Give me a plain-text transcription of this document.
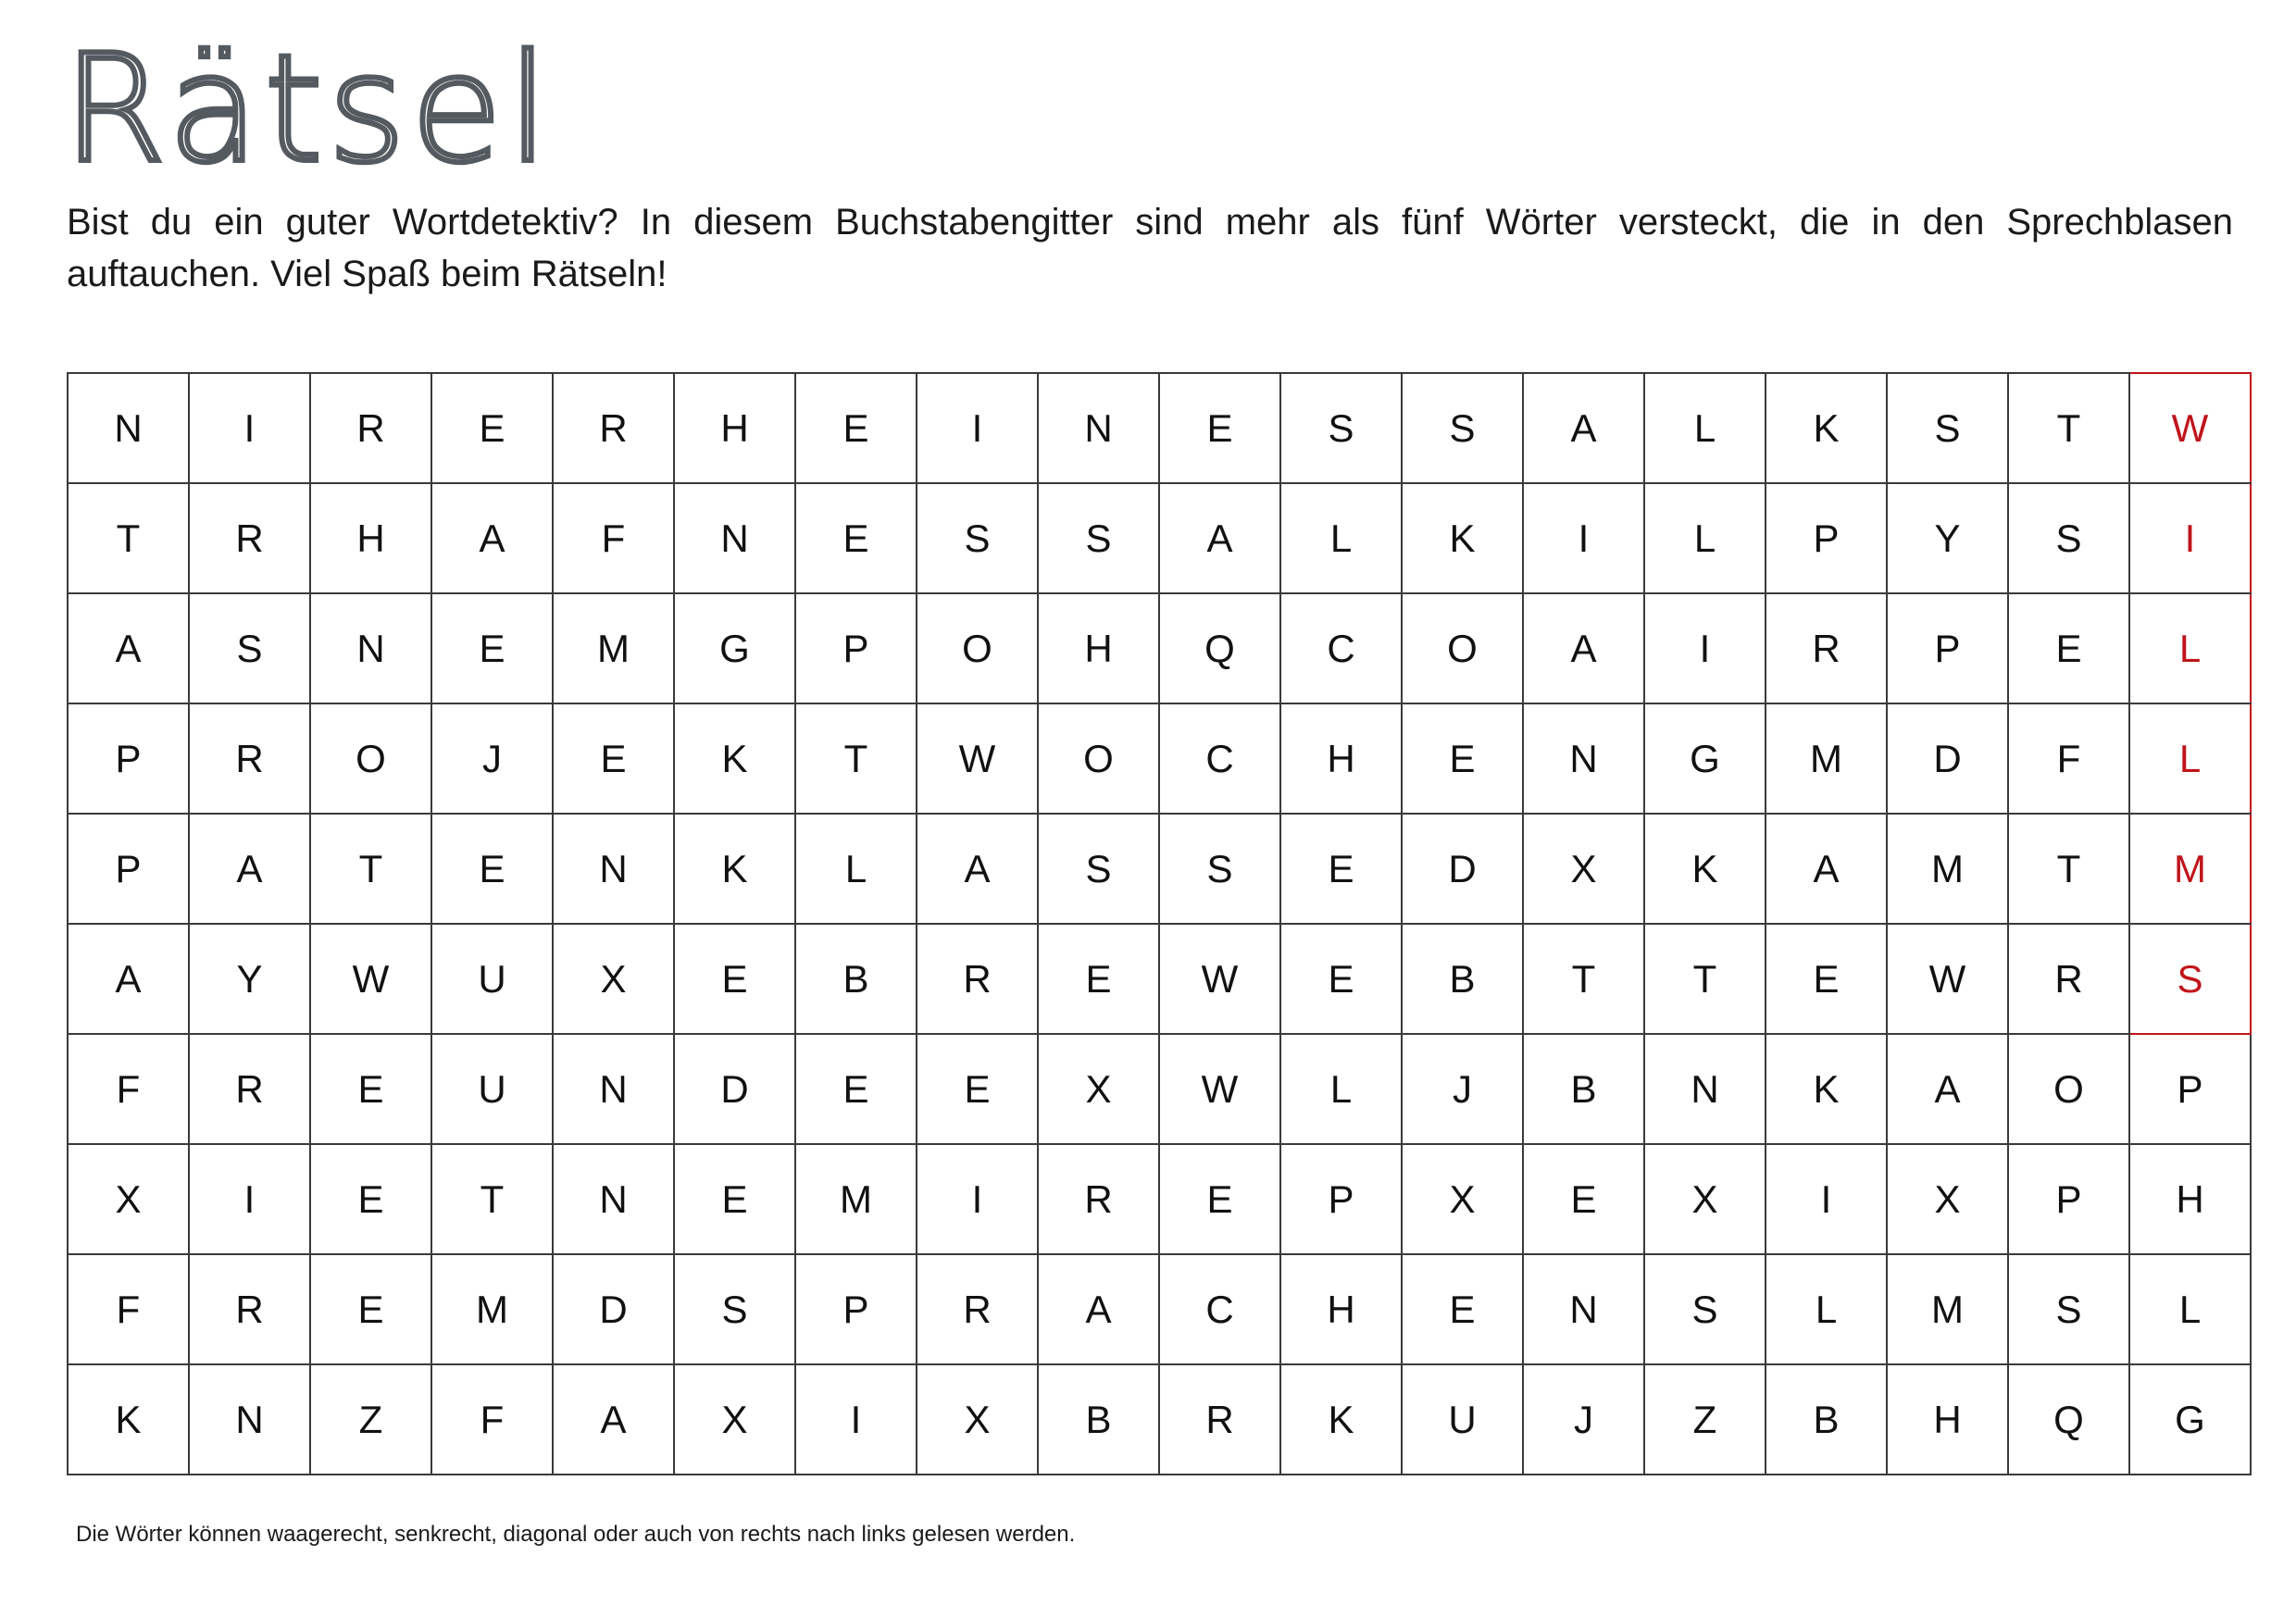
Rätsel

Bist du ein guter Wortdetektiv? In diesem Buchstabengitter sind mehr als fünf Wörter versteckt, die in den Sprechblasen auftauchen. Viel Spaß beim Rätseln!

N	I	R	E	R	H	E	I	N	E	S	S	A	L	K	S	T	W
T	R	H	A	F	N	E	S	S	A	L	K	I	L	P	Y	S	I
A	S	N	E	M	G	P	O	H	Q	C	O	A	I	R	P	E	L
P	R	O	J	E	K	T	W	O	C	H	E	N	G	M	D	F	L
P	A	T	E	N	K	L	A	S	S	E	D	X	K	A	M	T	M
A	Y	W	U	X	E	B	R	E	W	E	B	T	T	E	W	R	S
F	R	E	U	N	D	E	E	X	W	L	J	B	N	K	A	O	P
X	I	E	T	N	E	M	I	R	E	P	X	E	X	I	X	P	H
F	R	E	M	D	S	P	R	A	C	H	E	N	S	L	M	S	L
K	N	Z	F	A	X	I	X	B	R	K	U	J	Z	B	H	Q	G

Die Wörter können waagerecht, senkrecht, diagonal oder auch von rechts nach links gelesen werden.
